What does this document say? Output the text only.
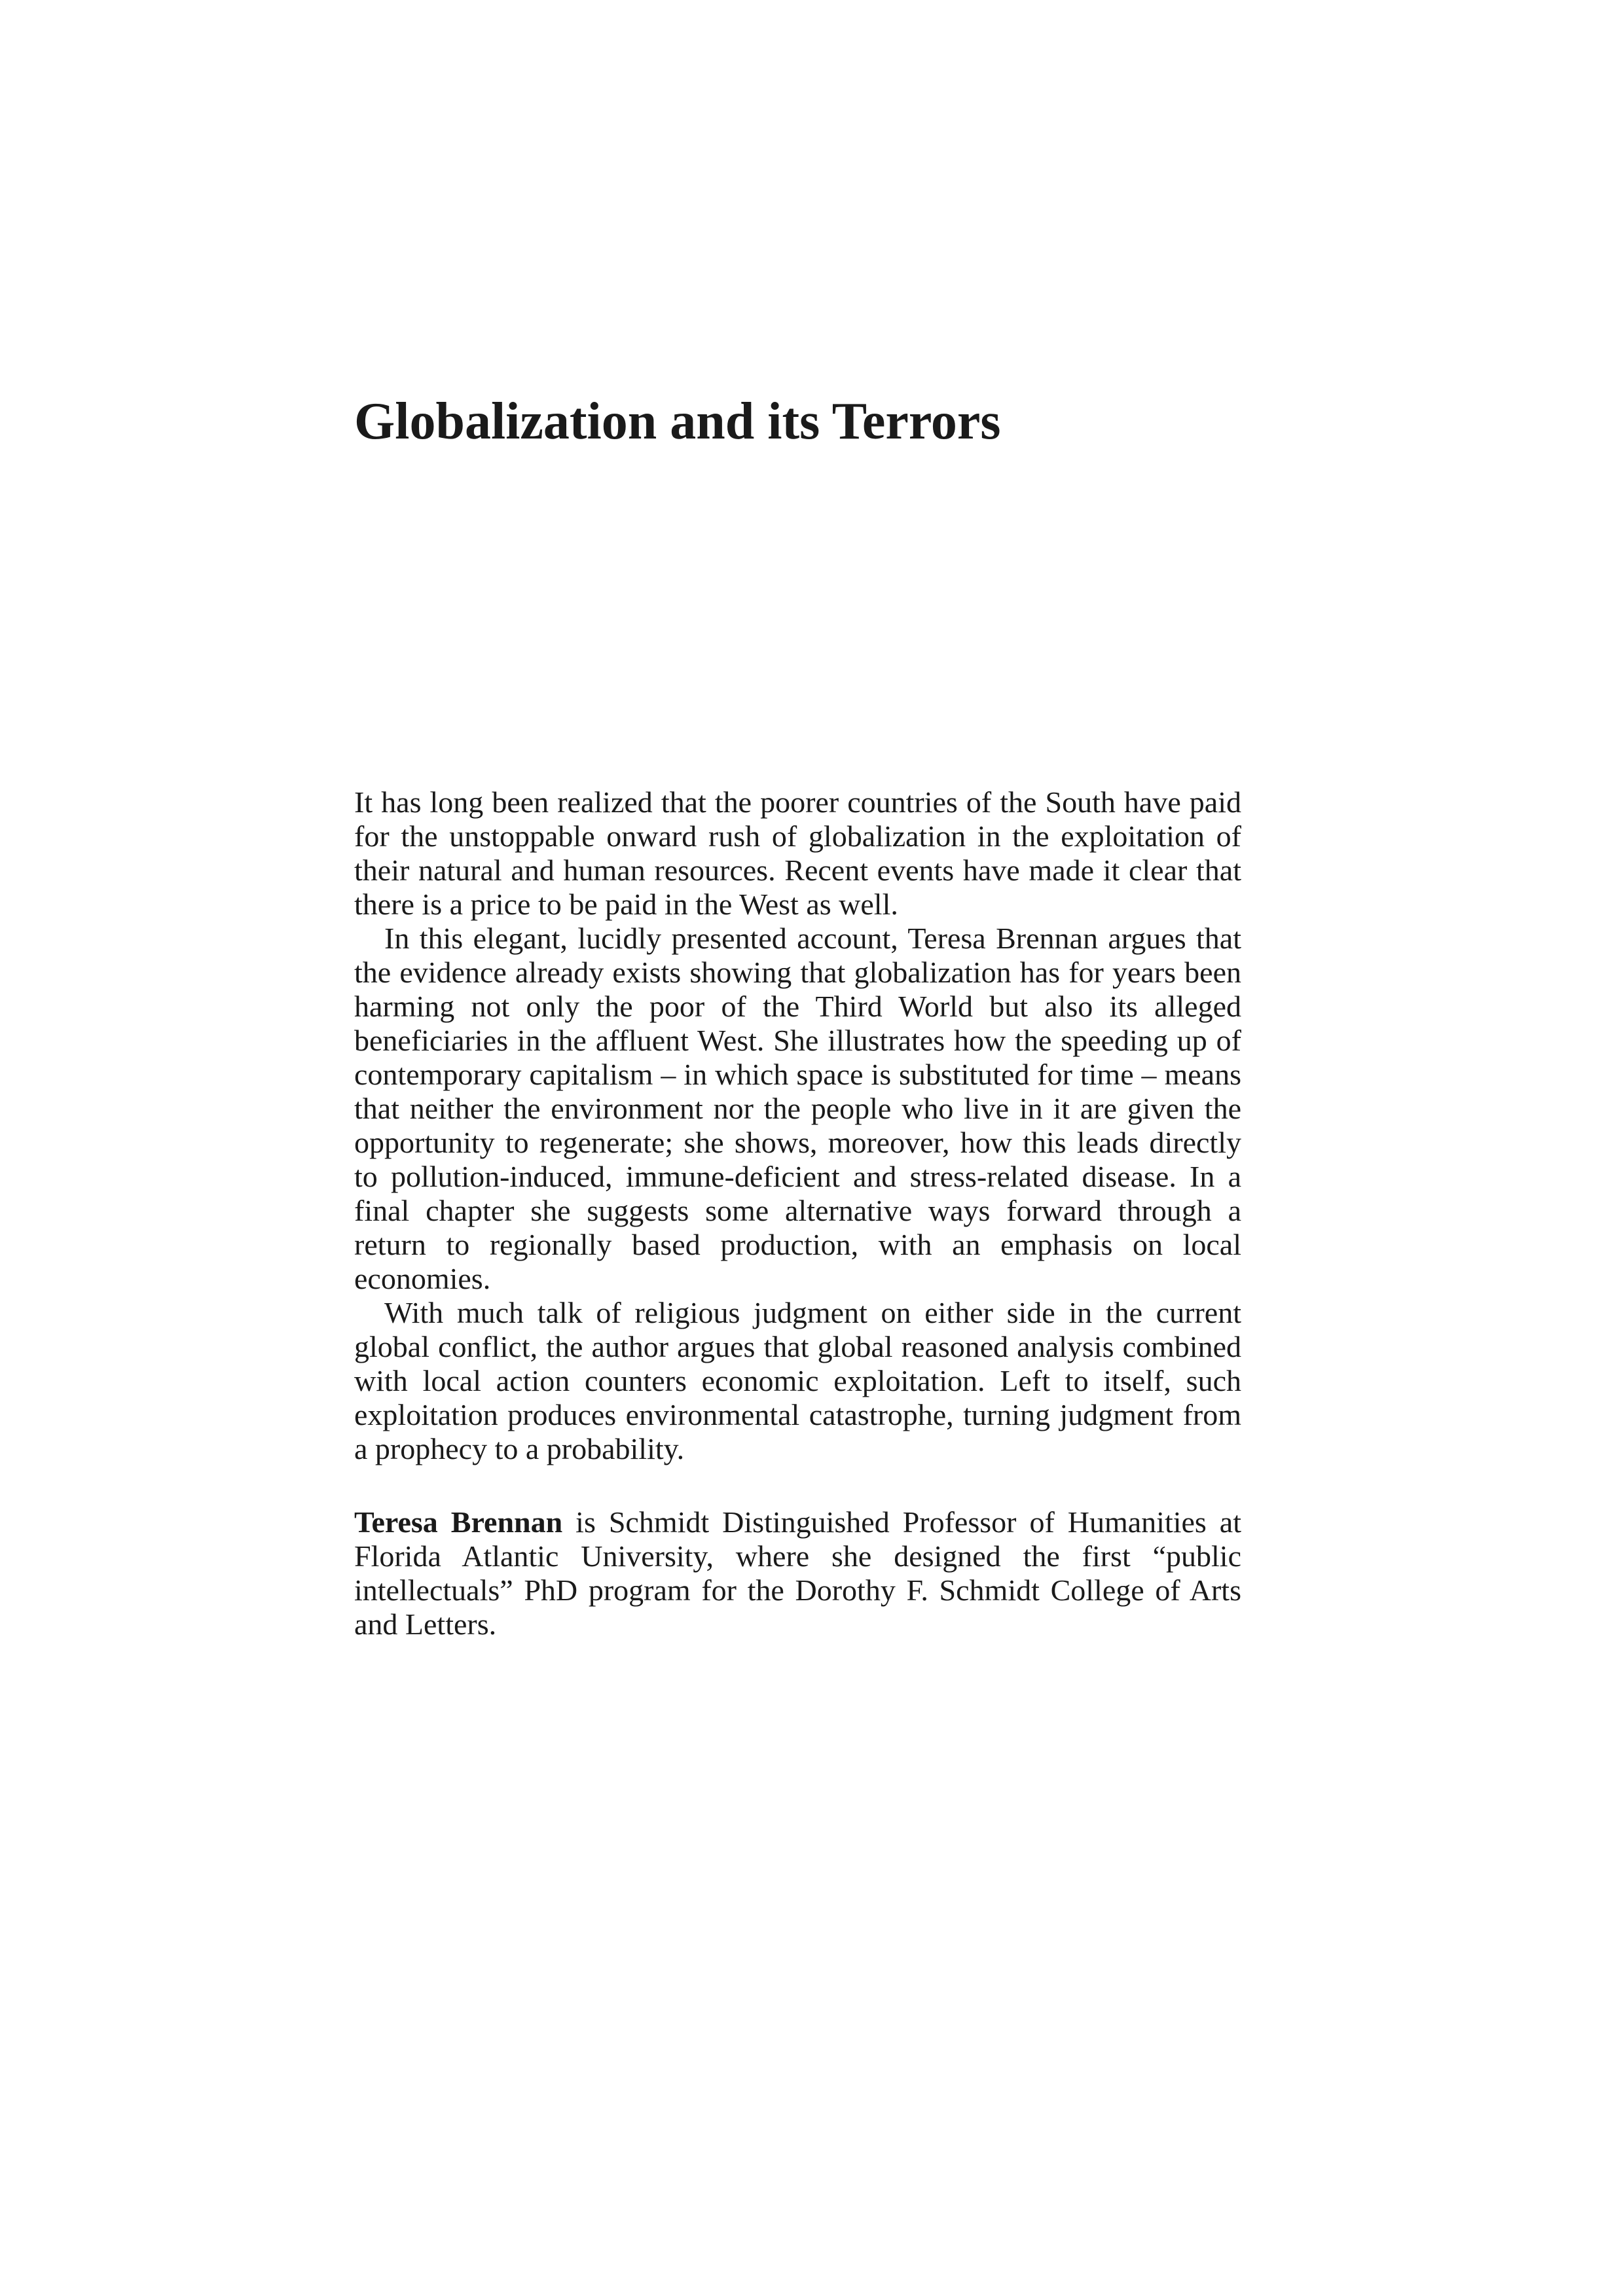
Globalization and its Terrors

It has long been realized that the poorer countries of the South have paid for the unstoppable onward rush of globalization in the exploitation of their natural and human resources. Recent events have made it clear that there is a price to be paid in the West as well.

In this elegant, lucidly presented account, Teresa Brennan argues that the evidence already exists showing that globalization has for years been harming not only the poor of the Third World but also its alleged beneficiaries in the affluent West. She illustrates how the speeding up of contemporary capitalism – in which space is substituted for time – means that neither the environment nor the people who live in it are given the opportunity to regenerate; she shows, moreover, how this leads directly to pollution-induced, immune-deficient and stress-related disease. In a final chapter she suggests some alternative ways forward through a return to regionally based production, with an emphasis on local economies.

With much talk of religious judgment on either side in the current global conflict, the author argues that global reasoned analysis combined with local action counters economic exploitation. Left to itself, such exploitation produces environmental catastrophe, turning judgment from a prophecy to a probability.

Teresa Brennan is Schmidt Distinguished Professor of Humanities at Florida Atlantic University, where she designed the first “public intellectuals” PhD program for the Dorothy F. Schmidt College of Arts and Letters.
